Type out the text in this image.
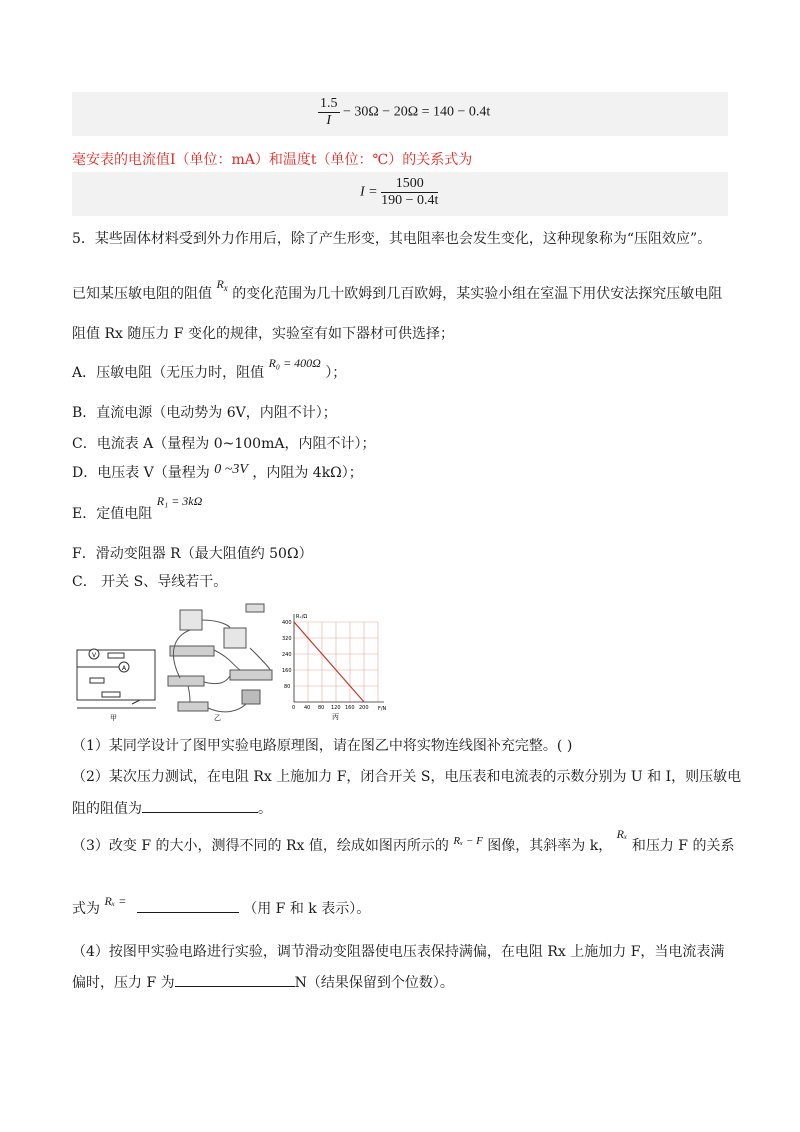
$\frac{1.5}{I} - 30\Omega - 20\Omega = 140 - 0.4t$
毫安表的电流值I（单位：mA）和温度t（单位：℃）的关系式为
$I = \frac{1500}{190 - 0.4t}$
5．某些固体材料受到外力作用后，除了产生形变，其电阻率也会发生变化，这种现象称为“压阻效应”。
已知某压敏电阻的阻值 $R_x$ 的变化范围为几十欧姆到几百欧姆，某实验小组在室温下用伏安法探究压敏电阻
阻值 Rx 随压力 F 变化的规律，实验室有如下器材可供选择；
A．压敏电阻（无压力时，阻值 R₀ = 400Ω ）；
B．直流电源（电动势为 6V，内阻不计）；
C．电流表 A（量程为 0~100mA，内阻不计）；
D．电压表 V（量程为 0 ~3V ，内阻为 4kΩ）；
E．定值电阻 R₁ = 3kΩ
F．滑动变阻器 R（最大阻值约 50Ω）
C． 开关 S、导线若干。
V
A
甲	乙
Rₓ/Ω
F/N
400
320
240
160
80
0 40 80 120 160 200
丙
（1）某同学设计了图甲实验电路原理图，请在图乙中将实物连线图补充完整。( )
（2）某次压力测试，在电阻 Rx 上施加力 F，闭合开关 S，电压表和电流表的示数分别为 U 和 I，则压敏电
阻的阻值为	。
（3）改变 F 的大小，测得不同的 Rx 值，绘成如图丙所示的 $^{R_x - F}$ 图像，其斜率为 k， Rₓ 和压力 F 的关系
式为 Rₓ =	（用 F 和 k 表示）。
（4）按图甲实验电路进行实验，调节滑动变阻器使电压表保持满偏，在电阻 Rx 上施加力 F，当电流表满
偏时，压力 F 为	N（结果保留到个位数）。
